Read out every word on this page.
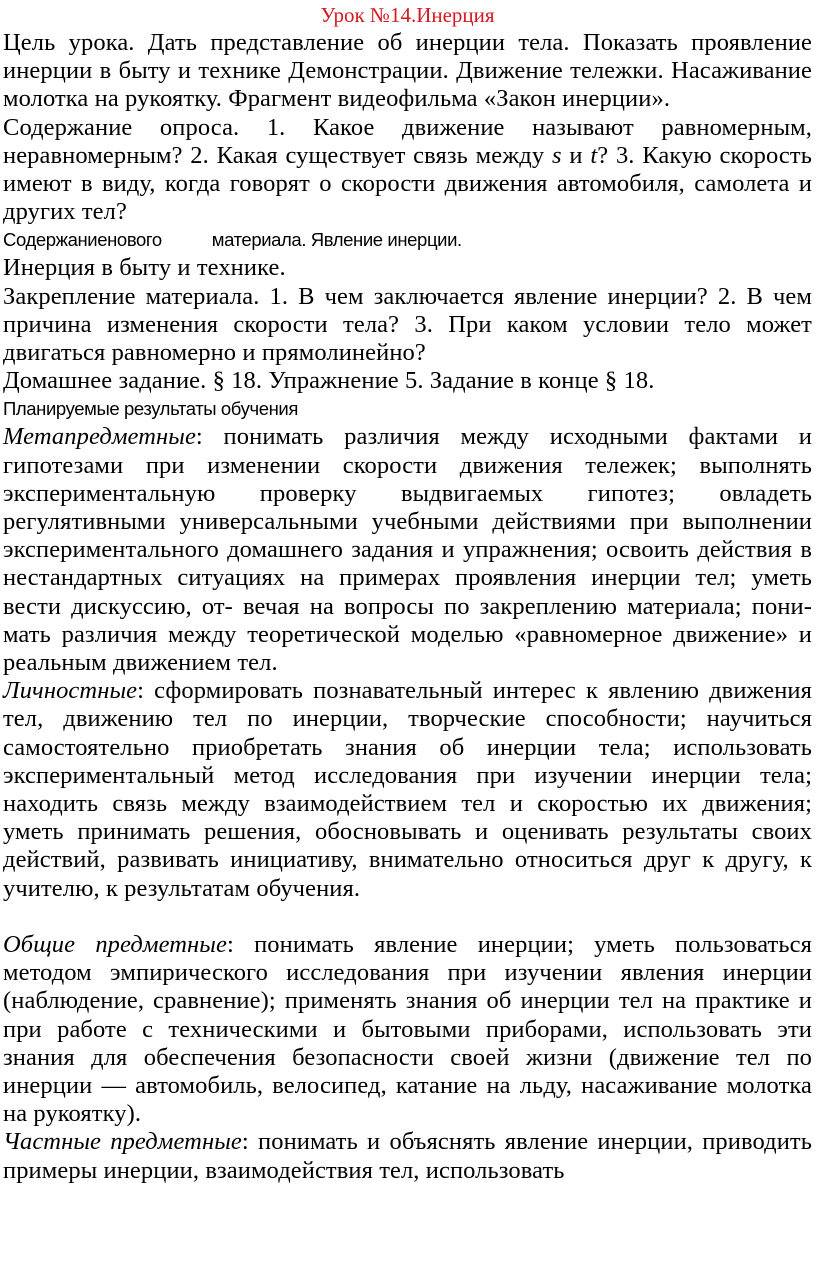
Урок №14.Инерция

Цель урока. Дать представление об инерции тела. Показать проявление инерции в быту и технике Демонстрации. Движение тележки. Насаживание молотка на рукоятку. Фрагмент видеофильма «Закон инерции».

Содержание опроса. 1. Какое движение называют равномерным, неравномерным? 2. Какая существует связь между s и t? 3. Какую скорость имеют в виду, когда говорят о скорости движения автомобиля, самолета и других тел?

Содержаниенового	материала. Явление инерции.

Инерция в быту и технике.

Закрепление материала. 1. В чем заключается явление инерции? 2. В чем причина изменения скорости тела? 3. При каком условии тело может двигаться равномерно и прямолинейно?

Домашнее задание. § 18. Упражнение 5. Задание в конце § 18.

Планируемые результаты обучения

Метапредметные: понимать различия между исходными фактами и гипотезами при изменении скорости движения тележек; выполнять экспериментальную проверку выдвигаемых гипотез; овладеть регулятивными универсальными учебными действиями при выполнении экспериментального домашнего задания и упражнения; освоить действия в нестандартных ситуациях на примерах проявления инерции тел; уметь вести дискуссию, от- вечая на вопросы по закреплению материала; пони- мать различия между теоретической моделью «равномерное движение» и реальным движением тел.

Личностные: сформировать познавательный интерес к явлению движения тел, движению тел по инерции, творческие способности; научиться самостоятельно приобретать знания об инерции тела; использовать экспериментальный метод исследования при изучении инерции тела; находить связь между взаимодействием тел и скоростью их движения; уметь принимать решения, обосновывать и оценивать результаты своих действий, развивать инициативу, внимательно относиться друг к другу, к учителю, к результатам обучения.

Общие предметные: понимать явление инерции; уметь пользоваться методом эмпирического исследования при изучении явления инерции (наблюдение, сравнение); применять знания об инерции тел на практике и при работе с техническими и бытовыми приборами, использовать эти знания для обеспечения безопасности своей жизни (движение тел по инерции — автомобиль, велосипед, катание на льду, насаживание молотка на рукоятку).

Частные предметные: понимать и объяснять явление инерции, приводить примеры инерции, взаимодействия тел, использовать
